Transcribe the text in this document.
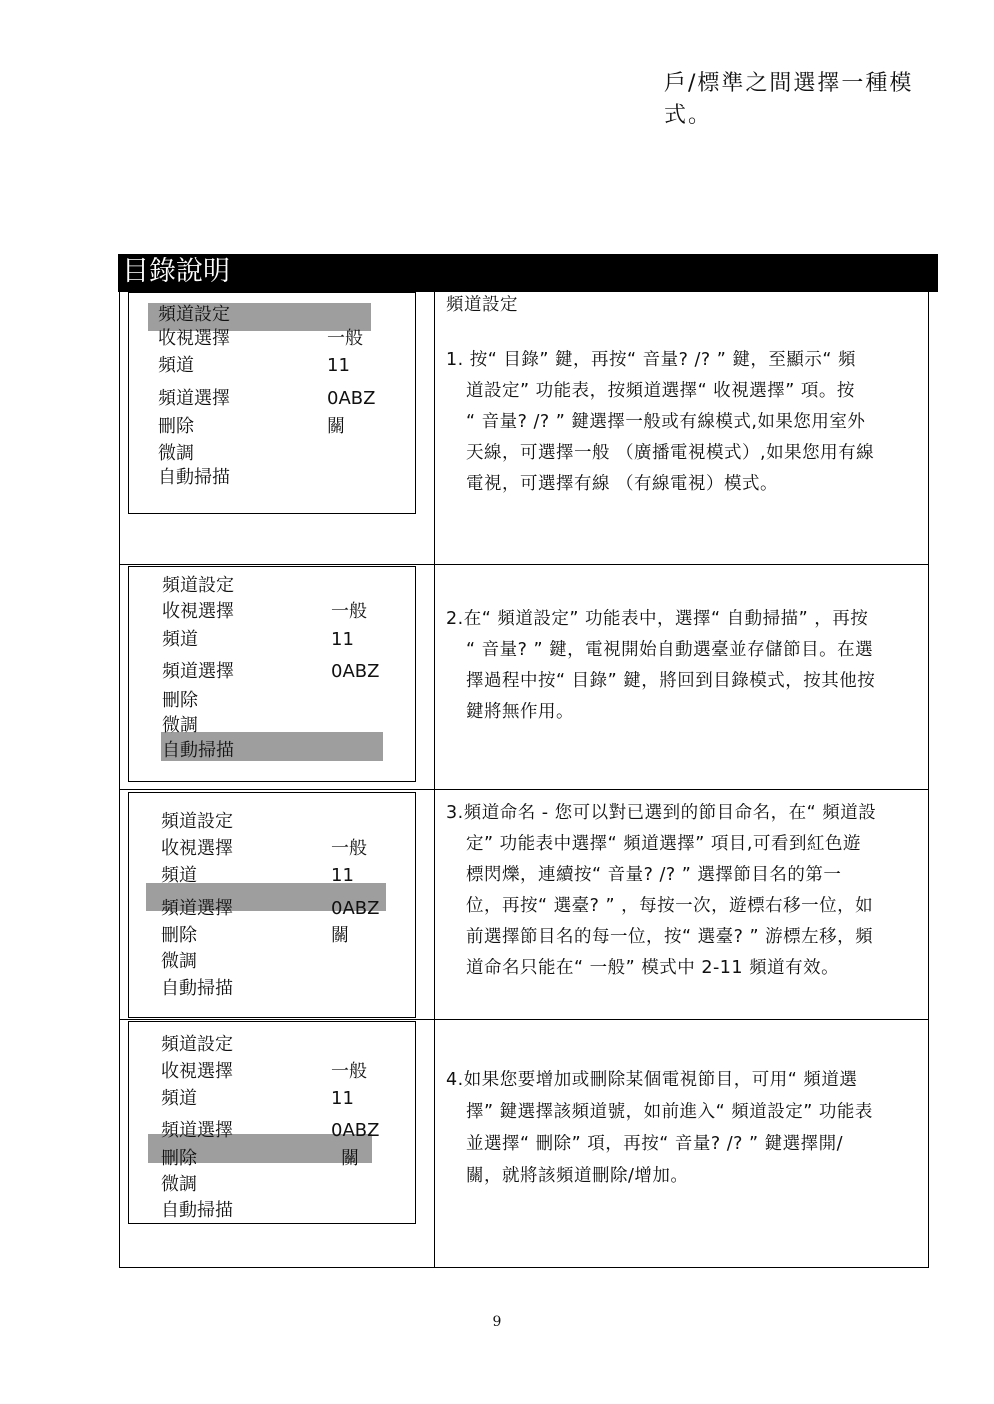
戶/標準之間選擇一種模
式。
目錄說明
頻道設定
收視選擇
頻道
頻道選擇
刪除
微調
自動掃描
一般
11
0ABZ
關
頻道設定
1. 按“ 目錄” 鍵，再按“ 音量? /? ” 鍵，至顯示“ 頻
道設定” 功能表，按頻道選擇“ 收視選擇” 項。按
“ 音量? /? ” 鍵選擇一般或有線模式,如果您用室外
天線，可選擇一般 （廣播電視模式）,如果您用有線
電視，可選擇有線 （有線電視）模式。
頻道設定
收視選擇
頻道
頻道選擇
刪除
微調
自動掃描
一般
11
0ABZ
2.在“ 頻道設定” 功能表中，選擇“ 自動掃描” ，再按
“ 音量? ” 鍵，電視開始自動選臺並存儲節目。在選
擇過程中按“ 目錄” 鍵，將回到目錄模式，按其他按
鍵將無作用。
頻道設定
收視選擇
頻道
頻道選擇
刪除
微調
自動掃描
一般
11
0ABZ
關
3.頻道命名 - 您可以對已選到的節目命名，在“ 頻道設
定” 功能表中選擇“ 頻道選擇” 項目,可看到紅色遊
標閃爍，連續按“ 音量? /? ” 選擇節目名的第一
位，再按“ 選臺? ” ，每按一次，遊標右移一位，如
前選擇節目名的每一位，按“ 選臺? ” 游標左移，頻
道命名只能在“ 一般” 模式中 2-11 頻道有效。
頻道設定
收視選擇
頻道
頻道選擇
刪除
微調
自動掃描
一般
11
0ABZ
關
4.如果您要增加或刪除某個電視節目，可用“ 頻道選
擇” 鍵選擇該頻道號，如前進入“ 頻道設定” 功能表
並選擇“ 刪除” 項，再按“ 音量? /? ” 鍵選擇開/
關，就將該頻道刪除/增加。
9
